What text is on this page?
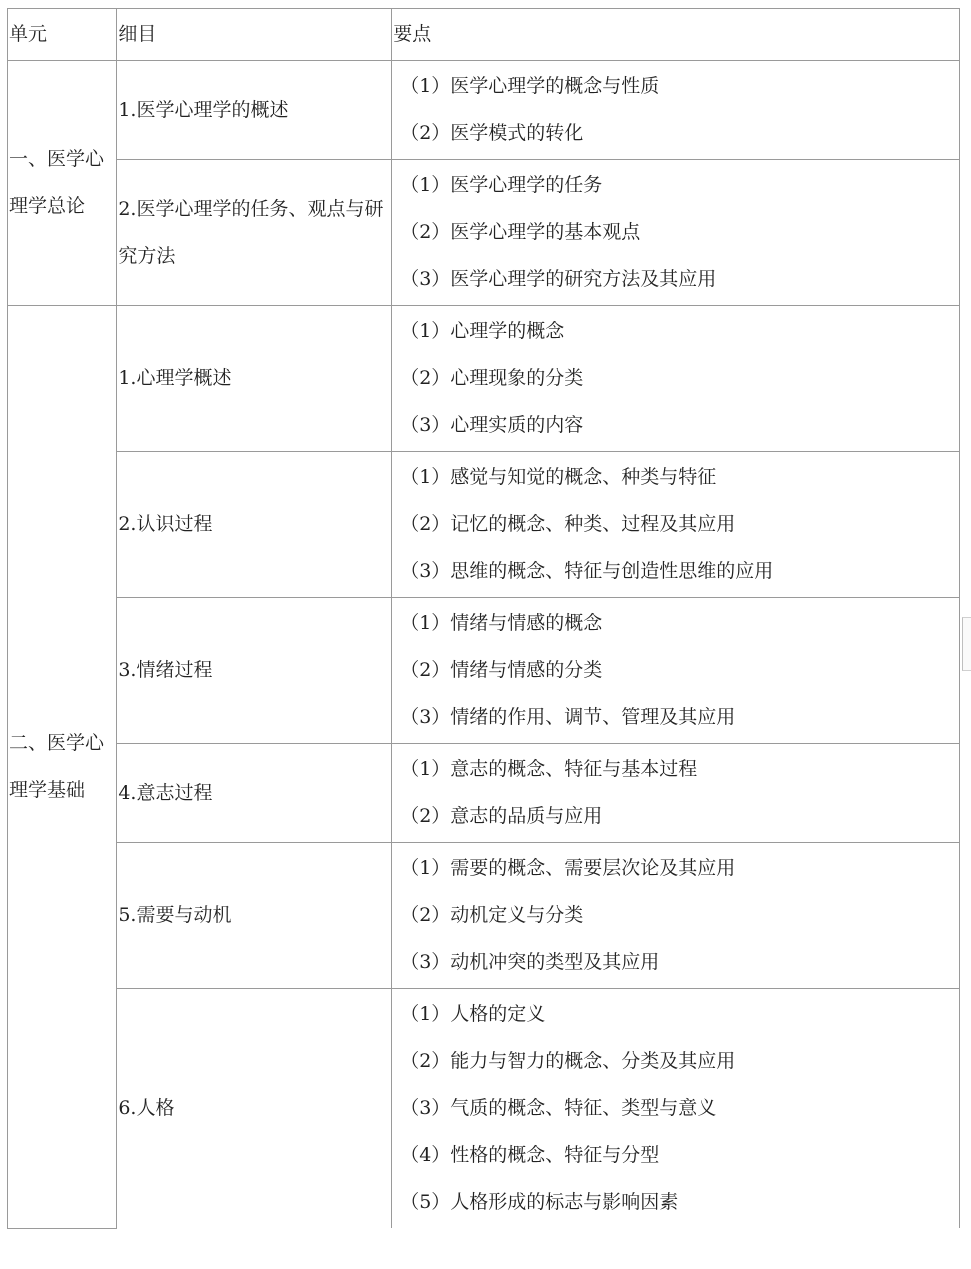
单元	细目	要点

一、医学心理学总论	1.医学心理学的概述	（1）医学心理学的概念与性质
（2）医学模式的转化

	2.医学心理学的任务、观点与研究方法	（1）医学心理学的任务
（2）医学心理学的基本观点
（3）医学心理学的研究方法及其应用

二、医学心理学基础	1.心理学概述	（1）心理学的概念
（2）心理现象的分类
（3）心理实质的内容

	2.认识过程	（1）感觉与知觉的概念、种类与特征
（2）记忆的概念、种类、过程及其应用
（3）思维的概念、特征与创造性思维的应用

	3.情绪过程	（1）情绪与情感的概念
（2）情绪与情感的分类
（3）情绪的作用、调节、管理及其应用

	4.意志过程	（1）意志的概念、特征与基本过程
（2）意志的品质与应用

	5.需要与动机	（1）需要的概念、需要层次论及其应用
（2）动机定义与分类
（3）动机冲突的类型及其应用

	6.人格	（1）人格的定义
（2）能力与智力的概念、分类及其应用
（3）气质的概念、特征、类型与意义
（4）性格的概念、特征与分型
（5）人格形成的标志与影响因素
